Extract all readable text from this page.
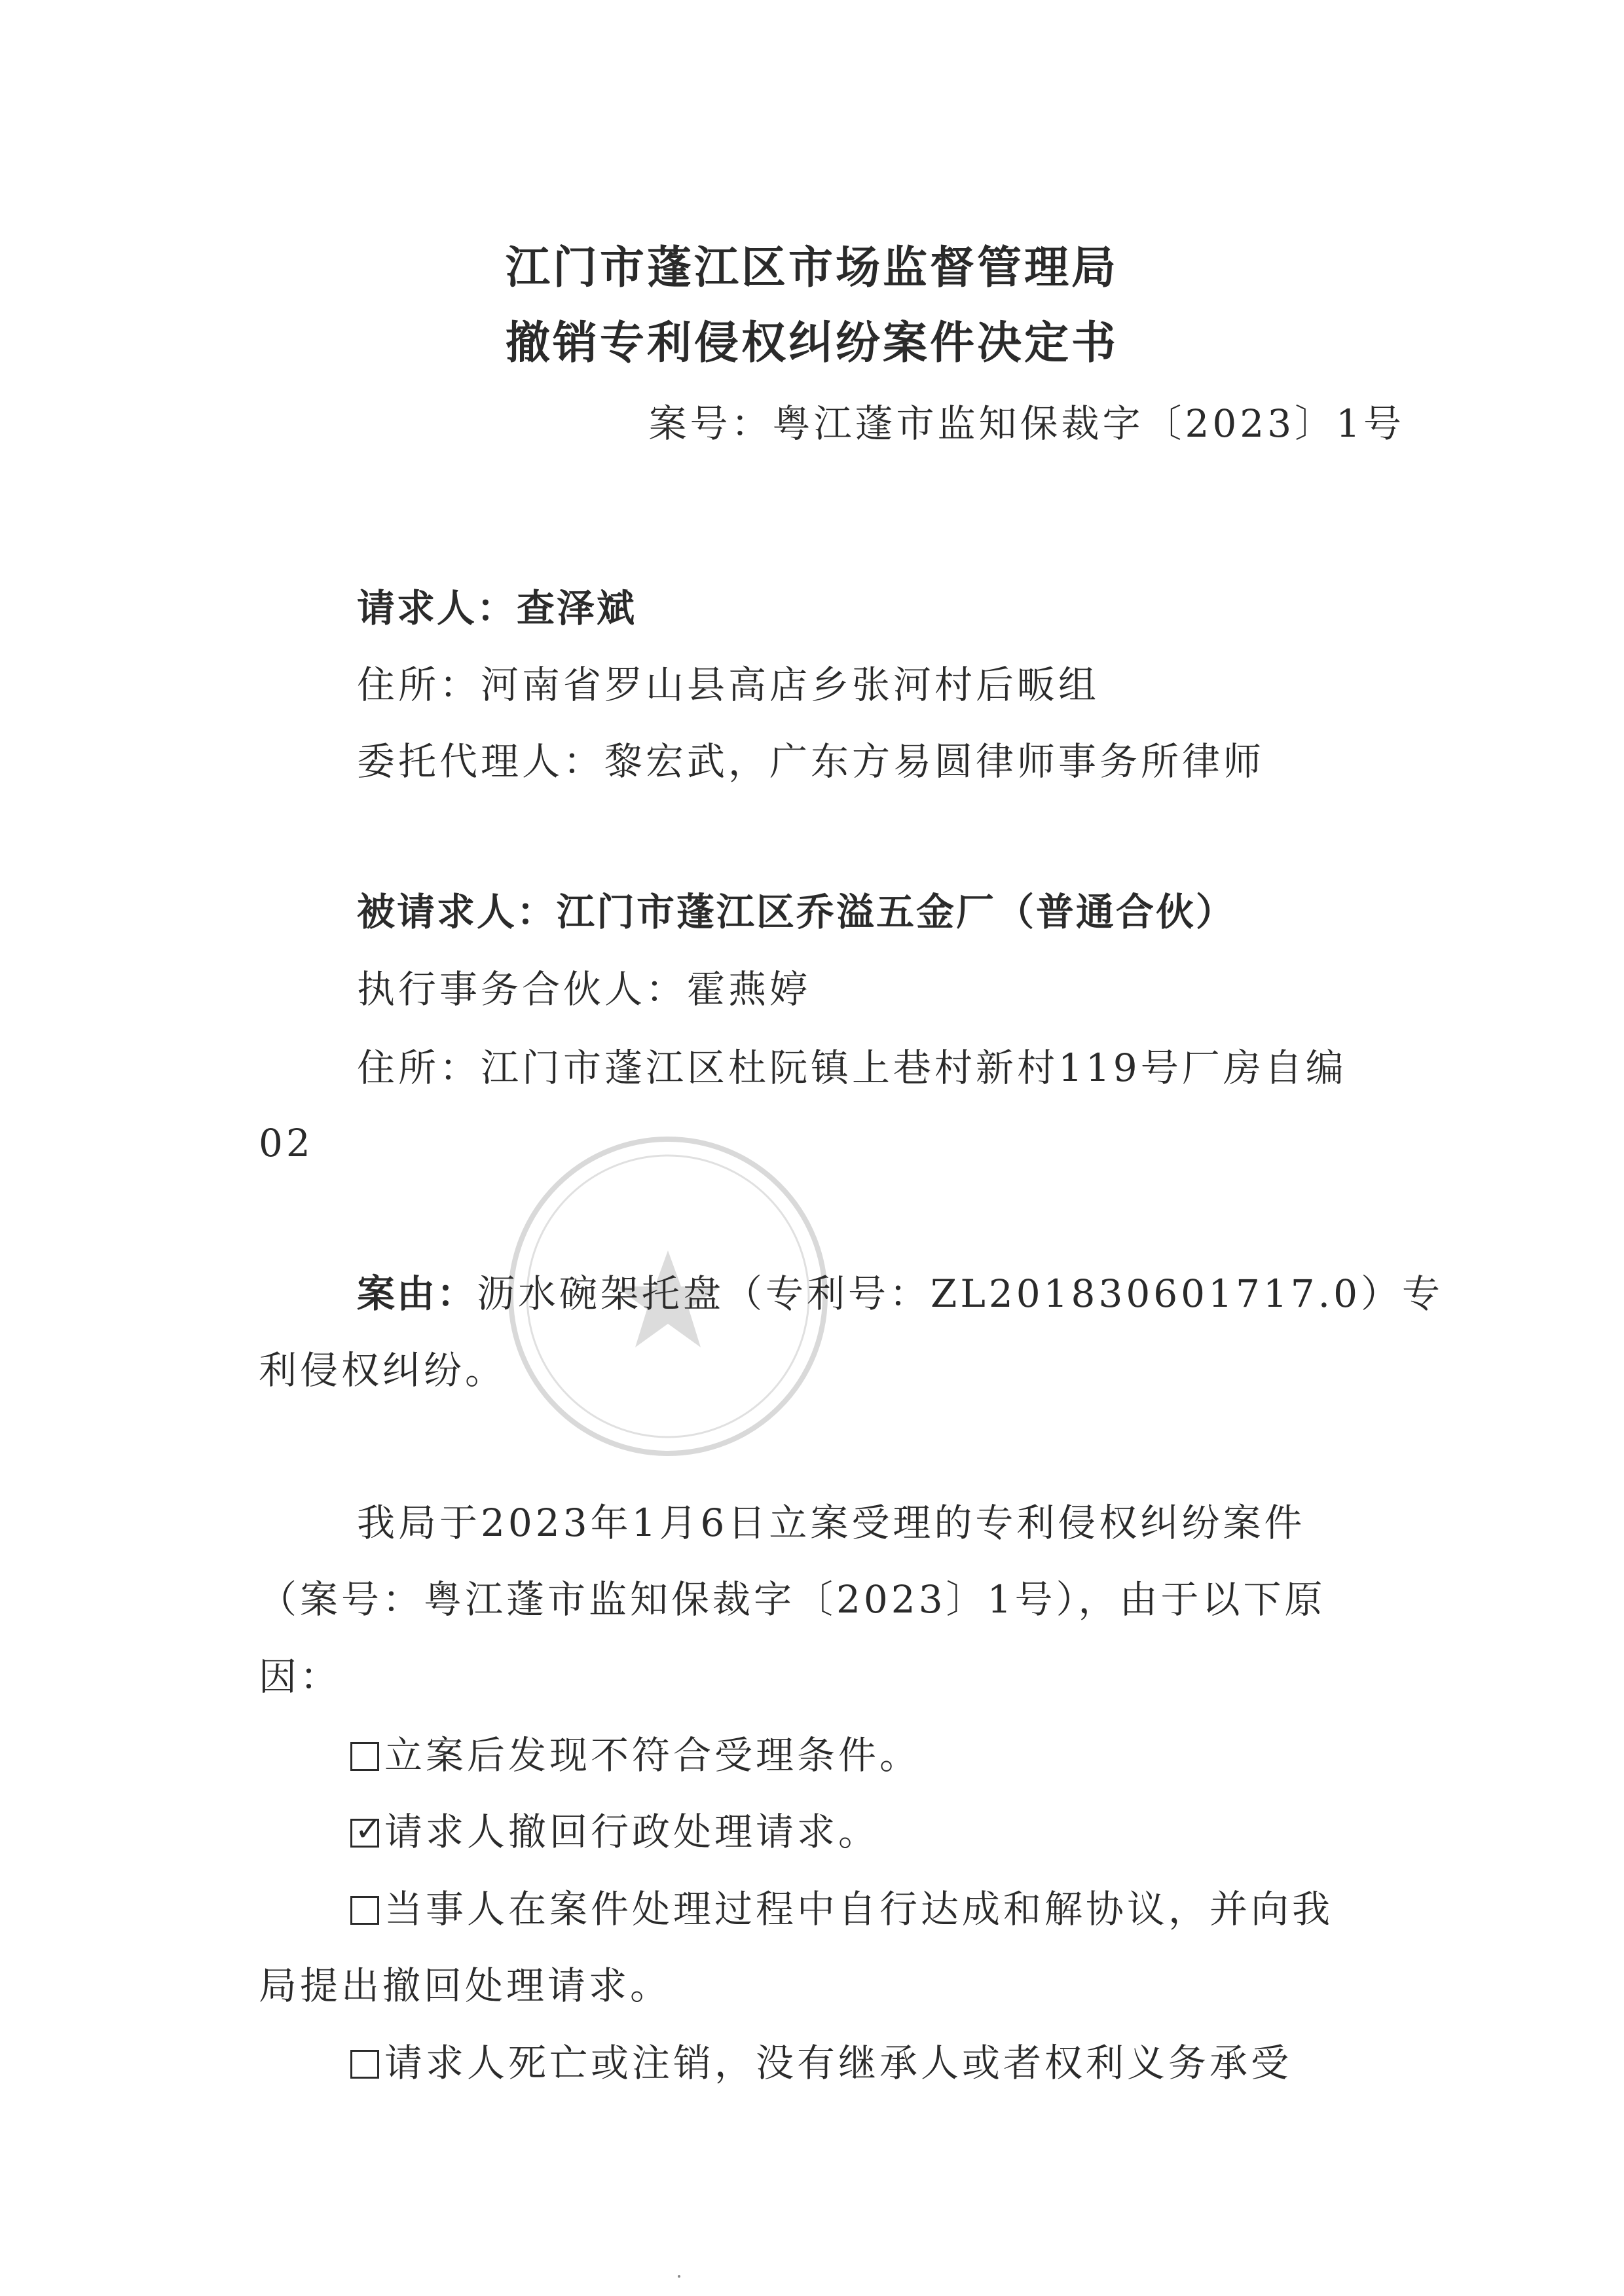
江门市蓬江区市场监督管理局
撤销专利侵权纠纷案件决定书
案号：粤江蓬市监知保裁字〔2023〕1号
请求人：查泽斌
住所：河南省罗山县高店乡张河村后畈组
委托代理人：黎宏武，广东方易圆律师事务所律师
被请求人：江门市蓬江区乔溢五金厂（普通合伙）
执行事务合伙人：霍燕婷
住所：江门市蓬江区杜阮镇上巷村新村119号厂房自编
02
案由：沥水碗架托盘（专利号：ZL201830601717.0）专
利侵权纠纷。
我局于2023年1月6日立案受理的专利侵权纠纷案件
（案号：粤江蓬市监知保裁字〔2023〕1号），由于以下原
因：
立案后发现不符合受理条件。
✓ 请求人撤回行政处理请求。
当事人在案件处理过程中自行达成和解协议，并向我
局提出撤回处理请求。
请求人死亡或注销，没有继承人或者权利义务承受
